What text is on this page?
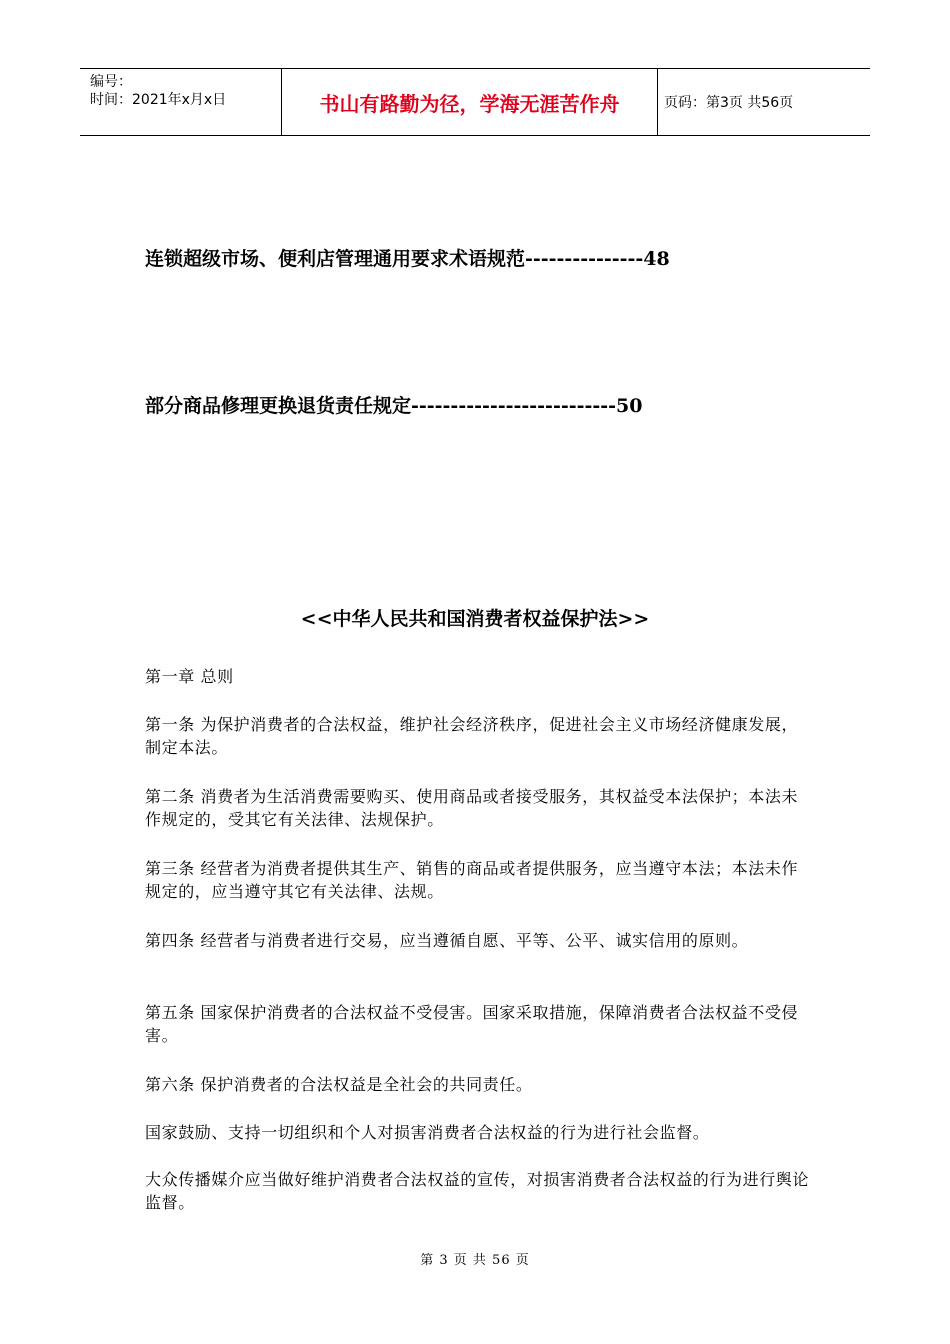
编号：
时间：2021年x月x日	书山有路勤为径，学海无涯苦作舟	页码：第3页 共56页
连锁超级市场、便利店管理通用要求术语规范---------------48
部分商品修理更换退货责任规定--------------------------50
<<中华人民共和国消费者权益保护法>>
第一章 总则
第一条 为保护消费者的合法权益，维护社会经济秩序，促进社会主义市场经济健康发展，制定本法。
第二条 消费者为生活消费需要购买、使用商品或者接受服务，其权益受本法保护；本法未作规定的，受其它有关法律、法规保护。
第三条 经营者为消费者提供其生产、销售的商品或者提供服务，应当遵守本法；本法未作规定的，应当遵守其它有关法律、法规。
第四条 经营者与消费者进行交易，应当遵循自愿、平等、公平、诚实信用的原则。
第五条 国家保护消费者的合法权益不受侵害。国家采取措施，保障消费者合法权益不受侵害。
第六条 保护消费者的合法权益是全社会的共同责任。
国家鼓励、支持一切组织和个人对损害消费者合法权益的行为进行社会监督。
大众传播媒介应当做好维护消费者合法权益的宣传，对损害消费者合法权益的行为进行舆论监督。
第 3 页 共 56 页
